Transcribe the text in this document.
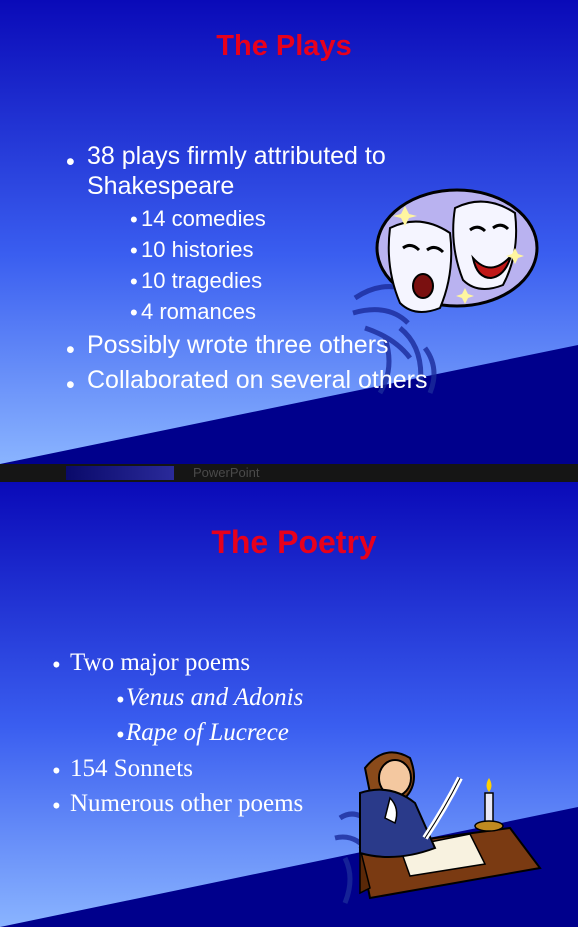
The Plays
• 38 plays firmly attributed to
Shakespeare
• 14 comedies
• 10 histories
• 10 tragedies
• 4 romances
• Possibly wrote three others
• Collaborated on several others
PowerPoint
The Poetry
• Two major poems
• Venus and Adonis
• Rape of Lucrece
• 154 Sonnets
• Numerous other poems
